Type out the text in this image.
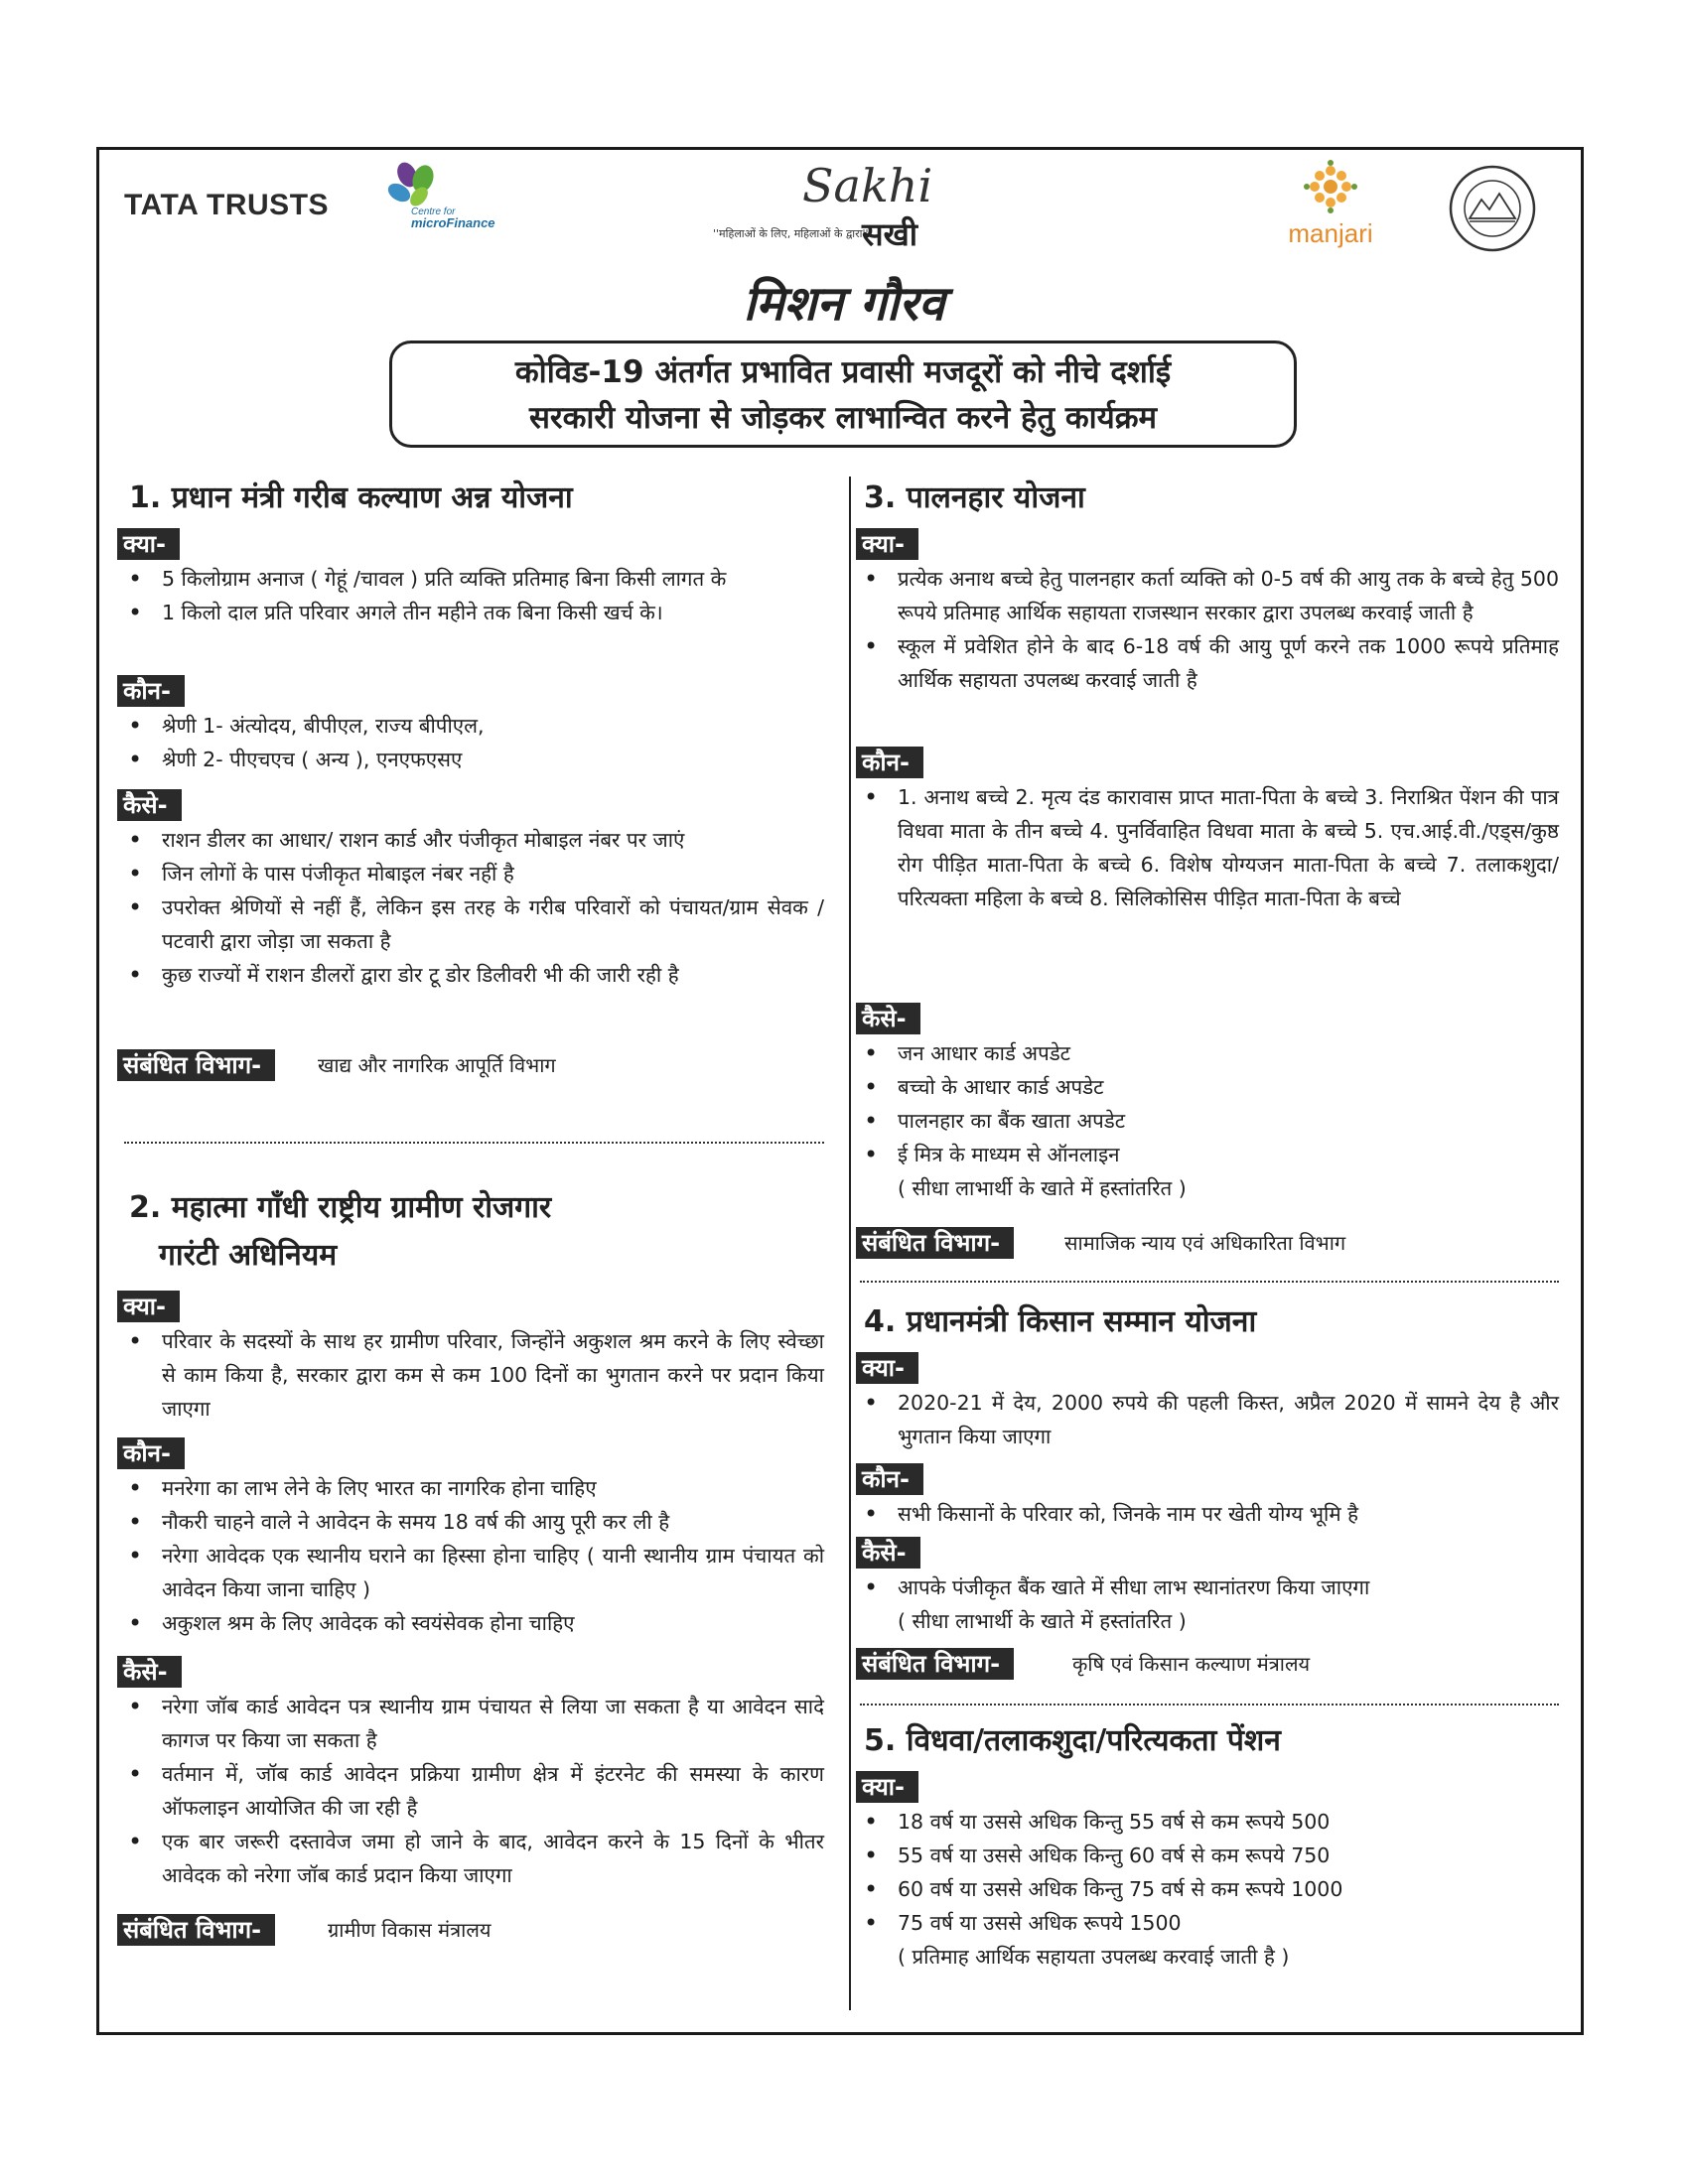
TATA TRUSTS	Centre for
microFinance
Sakhi
''महिलाओं के लिए, महिलाओं के द्वारा''
सखी	manjari
मिशन गौरव
कोविड-19 अंतर्गत प्रभावित प्रवासी मजदूरों को नीचे दर्शाई
सरकारी योजना से जोड़कर लाभान्वित करने हेतु कार्यक्रम
1. प्रधान मंत्री गरीब कल्याण अन्न योजना
क्या-
• 5 किलोग्राम अनाज ( गेहूं /चावल ) प्रति व्यक्ति प्रतिमाह बिना किसी लागत के
• 1 किलो दाल प्रति परिवार अगले तीन महीने तक बिना किसी खर्च के।
कौन-
• श्रेणी 1- अंत्योदय, बीपीएल, राज्य बीपीएल,
• श्रेणी 2- पीएचएच ( अन्य ), एनएफएसए
कैसे-
• राशन डीलर का आधार/ राशन कार्ड और पंजीकृत मोबाइल नंबर पर जाएं
• जिन लोगों के पास पंजीकृत मोबाइल नंबर नहीं है
• उपरोक्त श्रेणियों से नहीं हैं, लेकिन इस तरह के गरीब परिवारों को पंचायत/ग्राम सेवक /पटवारी द्वारा जोड़ा जा सकता है
• कुछ राज्यों में राशन डीलरों द्वारा डोर टू डोर डिलीवरी भी की जारी रही है
संबंधित विभाग-	खाद्य और नागरिक आपूर्ति विभाग
2. महात्मा गाँधी राष्ट्रीय ग्रामीण रोजगार
गारंटी अधिनियम
क्या-
• परिवार के सदस्यों के साथ हर ग्रामीण परिवार, जिन्होंने अकुशल श्रम करने के लिए स्वेच्छा से काम किया है, सरकार द्वारा कम से कम 100 दिनों का भुगतान करने पर प्रदान किया जाएगा
कौन-
• मनरेगा का लाभ लेने के लिए भारत का नागरिक होना चाहिए
• नौकरी चाहने वाले ने आवेदन के समय 18 वर्ष की आयु पूरी कर ली है
• नरेगा आवेदक एक स्थानीय घराने का हिस्सा होना चाहिए ( यानी स्थानीय ग्राम पंचायत को आवेदन किया जाना चाहिए )
• अकुशल श्रम के लिए आवेदक को स्वयंसेवक होना चाहिए
कैसे-
• नरेगा जॉब कार्ड आवेदन पत्र स्थानीय ग्राम पंचायत से लिया जा सकता है या आवेदन सादे कागज पर किया जा सकता है
• वर्तमान में, जॉब कार्ड आवेदन प्रक्रिया ग्रामीण क्षेत्र में इंटरनेट की समस्या के कारण ऑफलाइन आयोजित की जा रही है
• एक बार जरूरी दस्तावेज जमा हो जाने के बाद, आवेदन करने के 15 दिनों के भीतर आवेदक को नरेगा जॉब कार्ड प्रदान किया जाएगा
संबंधित विभाग-	ग्रामीण विकास मंत्रालय
3. पालनहार योजना
क्या-
• प्रत्येक अनाथ बच्चे हेतु पालनहार कर्ता व्यक्ति को 0-5 वर्ष की आयु तक के बच्चे हेतु 500 रूपये प्रतिमाह आर्थिक सहायता राजस्थान सरकार द्वारा उपलब्ध करवाई जाती है
• स्कूल में प्रवेशित होने के बाद 6-18 वर्ष की आयु पूर्ण करने तक 1000 रूपये प्रतिमाह आर्थिक सहायता उपलब्ध करवाई जाती है
कौन-
• 1. अनाथ बच्चे 2. मृत्य दंड कारावास प्राप्त माता-पिता के बच्चे 3. निराश्रित पेंशन की पात्र विधवा माता के तीन बच्चे 4. पुनर्विवाहित विधवा माता के बच्चे 5. एच.आई.वी./एड्स/कुष्ठ रोग पीड़ित माता-पिता के बच्चे 6. विशेष योग्यजन माता-पिता के बच्चे 7. तलाकशुदा/परित्यक्ता महिला के बच्चे 8. सिलिकोसिस पीड़ित माता-पिता के बच्चे
कैसे-
• जन आधार कार्ड अपडेट
• बच्चो के आधार कार्ड अपडेट
• पालनहार का बैंक खाता अपडेट
• ई मित्र के माध्यम से ऑनलाइन
( सीधा लाभार्थी के खाते में हस्तांतरित )
संबंधित विभाग-	सामाजिक न्याय एवं अधिकारिता विभाग
4. प्रधानमंत्री किसान सम्मान योजना
क्या-
• 2020-21 में देय, 2000 रुपये की पहली किस्त, अप्रैल 2020 में सामने देय है और भुगतान किया जाएगा
कौन-
• सभी किसानों के परिवार को, जिनके नाम पर खेती योग्य भूमि है
कैसे-
• आपके पंजीकृत बैंक खाते में सीधा लाभ स्थानांतरण किया जाएगा
( सीधा लाभार्थी के खाते में हस्तांतरित )
संबंधित विभाग-	कृषि एवं किसान कल्याण मंत्रालय
5. विधवा/तलाकशुदा/परित्यकता पेंशन
क्या-
• 18 वर्ष या उससे अधिक किन्तु 55 वर्ष से कम रूपये 500
• 55 वर्ष या उससे अधिक किन्तु 60 वर्ष से कम रूपये 750
• 60 वर्ष या उससे अधिक किन्तु 75 वर्ष से कम रूपये 1000
• 75 वर्ष या उससे अधिक रूपये 1500
( प्रतिमाह आर्थिक सहायता उपलब्ध करवाई जाती है )
